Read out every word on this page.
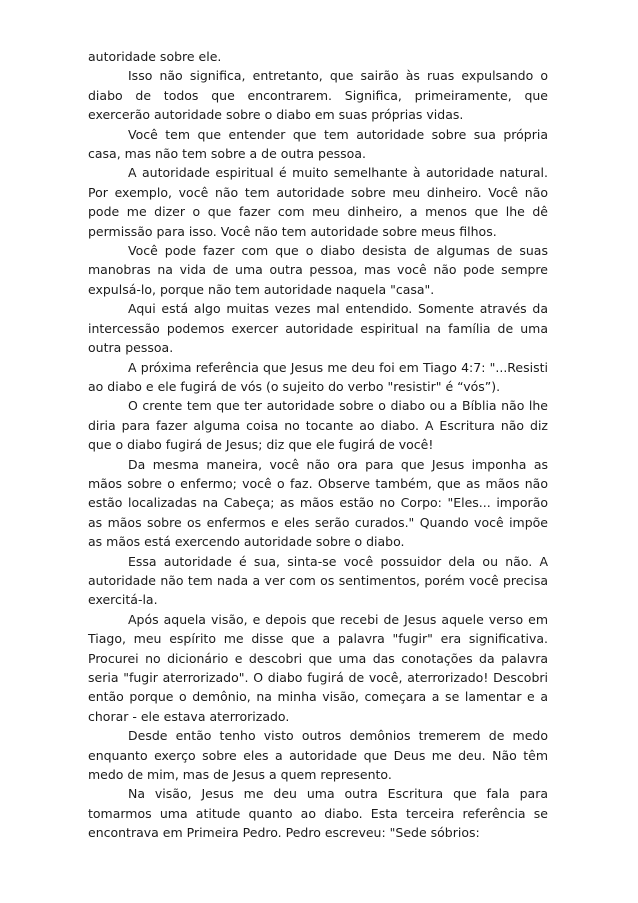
autoridade sobre ele.

Isso não significa, entretanto, que sairão às ruas expulsando o diabo de todos que encontrarem. Significa, primeiramente, que exercerão autoridade sobre o diabo em suas próprias vidas.

Você tem que entender que tem autoridade sobre sua própria casa, mas não tem sobre a de outra pessoa.

A autoridade espiritual é muito semelhante à autoridade natural. Por exemplo, você não tem autoridade sobre meu dinheiro. Você não pode me dizer o que fazer com meu dinheiro, a menos que lhe dê permissão para isso. Você não tem autoridade sobre meus filhos.

Você pode fazer com que o diabo desista de algumas de suas manobras na vida de uma outra pessoa, mas você não pode sempre expulsá-lo, porque não tem autoridade naquela "casa".

Aqui está algo muitas vezes mal entendido. Somente através da intercessão podemos exercer autoridade espiritual na família de uma outra pessoa.

A próxima referência que Jesus me deu foi em Tiago 4:7: "...Resisti ao diabo e ele fugirá de vós (o sujeito do verbo "resistir" é “vós”).

O crente tem que ter autoridade sobre o diabo ou a Bíblia não lhe diria para fazer alguma coisa no tocante ao diabo. A Escritura não diz que o diabo fugirá de Jesus; diz que ele fugirá de você!

Da mesma maneira, você não ora para que Jesus imponha as mãos sobre o enfermo; você o faz. Observe também, que as mãos não estão localizadas na Cabeça; as mãos estão no Corpo: "Eles... imporão as mãos sobre os enfermos e eles serão curados." Quando você impõe as mãos está exercendo autoridade sobre o diabo.

Essa autoridade é sua, sinta-se você possuidor dela ou não. A autoridade não tem nada a ver com os sentimentos, porém você precisa exercitá-la.

Após aquela visão, e depois que recebi de Jesus aquele verso em Tiago, meu espírito me disse que a palavra "fugir" era significativa. Procurei no dicionário e descobri que uma das conotações da palavra seria "fugir aterrorizado". O diabo fugirá de você, aterrorizado! Descobri então porque o demônio, na minha visão, começara a se lamentar e a chorar - ele estava aterrorizado.

Desde então tenho visto outros demônios tremerem de medo enquanto exerço sobre eles a autoridade que Deus me deu. Não têm medo de mim, mas de Jesus a quem represento.

Na visão, Jesus me deu uma outra Escritura que fala para tomarmos uma atitude quanto ao diabo. Esta terceira referência se encontrava em Primeira Pedro. Pedro escreveu: "Sede sóbrios:
